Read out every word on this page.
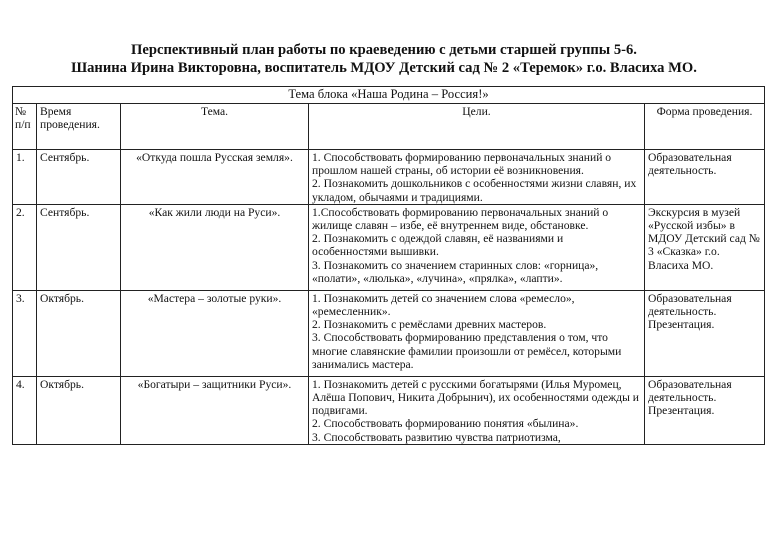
Перспективный план работы по краеведению с детьми старшей группы 5-6.
Шанина Ирина Викторовна, воспитатель МДОУ Детский сад № 2 «Теремок» г.о. Власиха МО.
Тема блока «Наша Родина – Россия!»				
№ п/п	Время проведения.	Тема.	Цели.	Форма проведения.
1.	Сентябрь.	«Откуда пошла Русская земля».	1. Способствовать формированию первоначальных знаний о прошлом нашей страны, об истории её возникновения.
2. Познакомить дошкольников с особенностями жизни славян, их укладом, обычаями и традициями.	Образовательная деятельность.
2.	Сентябрь.	«Как жили люди на Руси».	1.Способствовать формированию первоначальных знаний о жилище славян – избе, её внутреннем виде, обстановке.
2. Познакомить с одеждой славян, её названиями и особенностями вышивки.
3. Познакомить со значением старинных слов: «горница», «полати», «люлька», «лучина», «прялка», «лапти».	Экскурсия в музей «Русской избы» в МДОУ Детский сад № 3 «Сказка» г.о. Власиха МО.
3.	Октябрь.	«Мастера – золотые руки».	1. Познакомить детей со значением слова «ремесло», «ремесленник».
2. Познакомить с ремёслами древних мастеров.
3. Способствовать формированию представления о том, что многие славянские фамилии произошли от ремёсел, которыми занимались мастера.	Образовательная деятельность. Презентация.
4.	Октябрь.	«Богатыри – защитники Руси».	1. Познакомить детей с русскими богатырями (Илья Муромец, Алёша Попович, Никита Добрынич), их особенностями одежды и подвигами.
2. Способствовать формированию понятия «былина».
3. Способствовать развитию чувства патриотизма,	Образовательная деятельность. Презентация.
